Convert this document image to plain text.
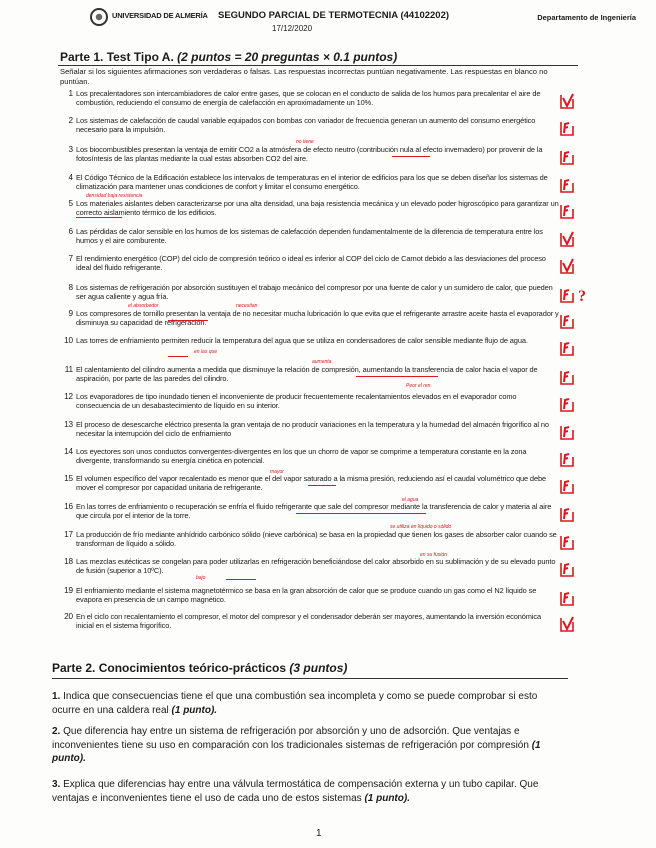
UNIVERSIDAD DE ALMERÍA SEGUNDO PARCIAL DE TERMOTECNIA (44102202)
17/12/2020
Departamento de Ingeniería
Parte 1. Test Tipo A. (2 puntos = 20 preguntas × 0.1 puntos)
Señalar si los siguientes afirmaciones son verdaderas o falsas. Las respuestas incorrectas puntúan negativamente. Las respuestas en blanco no puntúan.
1 Los precalentadores son intercambiadores de calor entre gases, que se colocan en el conducto de salida de los humos para precalentar el aire de combustión, reduciendo el consumo de energía de calefacción en aproximadamente un 10%.
2 Los sistemas de calefacción de caudal variable equipados con bombas con variador de frecuencia generan un aumento del consumo energético necesario para la impulsión.
3 Los biocombustibles presentan la ventaja de emitir CO2 a la atmósfera de efecto neutro (contribución nula al efecto invernadero) por provenir de la fotosíntesis de las plantas mediante la cual estas absorben CO2 del aire.
4 El Código Técnico de la Edificación establece los intervalos de temperaturas en el interior de edificios para los que se deben diseñar los sistemas de climatización para mantener unas condiciones de confort y limitar el consumo energético.
5 Los materiales aislantes deben caracterizarse por una alta densidad, una baja resistencia mecánica y un elevado poder higroscópico para garantizar un correcto aislamiento térmico de los edificios.
6 Las pérdidas de calor sensible en los humos de los sistemas de calefacción dependen fundamentalmente de la diferencia de temperatura entre los humos y el aire comburente.
7 El rendimiento energético (COP) del ciclo de compresión teórico o ideal es inferior al COP del ciclo de Carnot debido a las desviaciones del proceso ideal del fluido refrigerante.
8 Los sistemas de refrigeración por absorción sustituyen el trabajo mecánico del compresor por una fuente de calor y un sumidero de calor, que pueden ser agua caliente y agua fría.
9 Los compresores de tornillo presentan la ventaja de no necesitar mucha lubricación lo que evita que el refrigerante arrastre aceite hasta el evaporador y disminuya su capacidad de refrigeración.
10 Las torres de enfriamiento permiten reducir la temperatura del agua que se utiliza en condensadores de calor sensible mediante flujo de agua.
11 El calentamiento del cilindro aumenta a medida que disminuye la relación de compresión, aumentando la transferencia de calor hacia el vapor de aspiración, por parte de las paredes del cilindro.
12 Los evaporadores de tipo inundado tienen el inconveniente de producir frecuentemente recalentamientos elevados en el evaporador como consecuencia de un desabastecimiento de líquido en su interior.
13 El proceso de desescarche eléctrico presenta la gran ventaja de no producir variaciones en la temperatura y la humedad del almacén frigorífico al no necesitar la interrupción del ciclo de enfriamiento
14 Los eyectores son unos conductos convergentes-divergentes en los que un chorro de vapor se comprime a temperatura constante en la zona divergente, transformando su energía cinética en potencial.
15 El volumen específico del vapor recalentado es menor que el del vapor saturado a la misma presión, reduciendo así el caudal volumétrico que debe mover el compresor por capacidad unitaria de refrigerante.
16 En las torres de enfriamiento o recuperación se enfría el fluido refrigerante que sale del compresor mediante la transferencia de calor y materia al aire que circula por el interior de la torre.
17 La producción de frío mediante anhídrido carbónico sólido (nieve carbónica) se basa en la propiedad que tienen los gases de absorber calor cuando se transforman de líquido a sólido.
18 Las mezclas eutécticas se congelan para poder utilizarlas en refrigeración beneficiándose del calor absorbido en su sublimación y de su elevado punto de fusión (superior a 10ºC).
19 El enfriamiento mediante el sistema magnetotérmico se basa en la gran absorción de calor que se produce cuando un gas como el N2 líquido se evapora en presencia de un campo magnético.
20 En el ciclo con recalentamiento el compresor, el motor del compresor y el condensador deberán ser mayores, aumentando la inversión económica inicial en el sistema frigorífico.
?
no tiene
densidad baja resistencia
el absorbedor	necesitan
en las que
aumenta
Peor el ren.
mayor
el agua
se utiliza en líquido o sólido
en su fusión
bajo
Parte 2. Conocimientos teórico-prácticos (3 puntos)
1. Indica que consecuencias tiene el que una combustión sea incompleta y como se puede comprobar si esto ocurre en una caldera real (1 punto).
2. Que diferencia hay entre un sistema de refrigeración por absorción y uno de adsorción. Que ventajas e inconvenientes tiene su uso en comparación con los tradicionales sistemas de refrigeración por compresión (1 punto).
3. Explica que diferencias hay entre una válvula termostática de compensación externa y un tubo capilar. Que ventajas e inconvenientes tiene el uso de cada uno de estos sistemas (1 punto).
1
